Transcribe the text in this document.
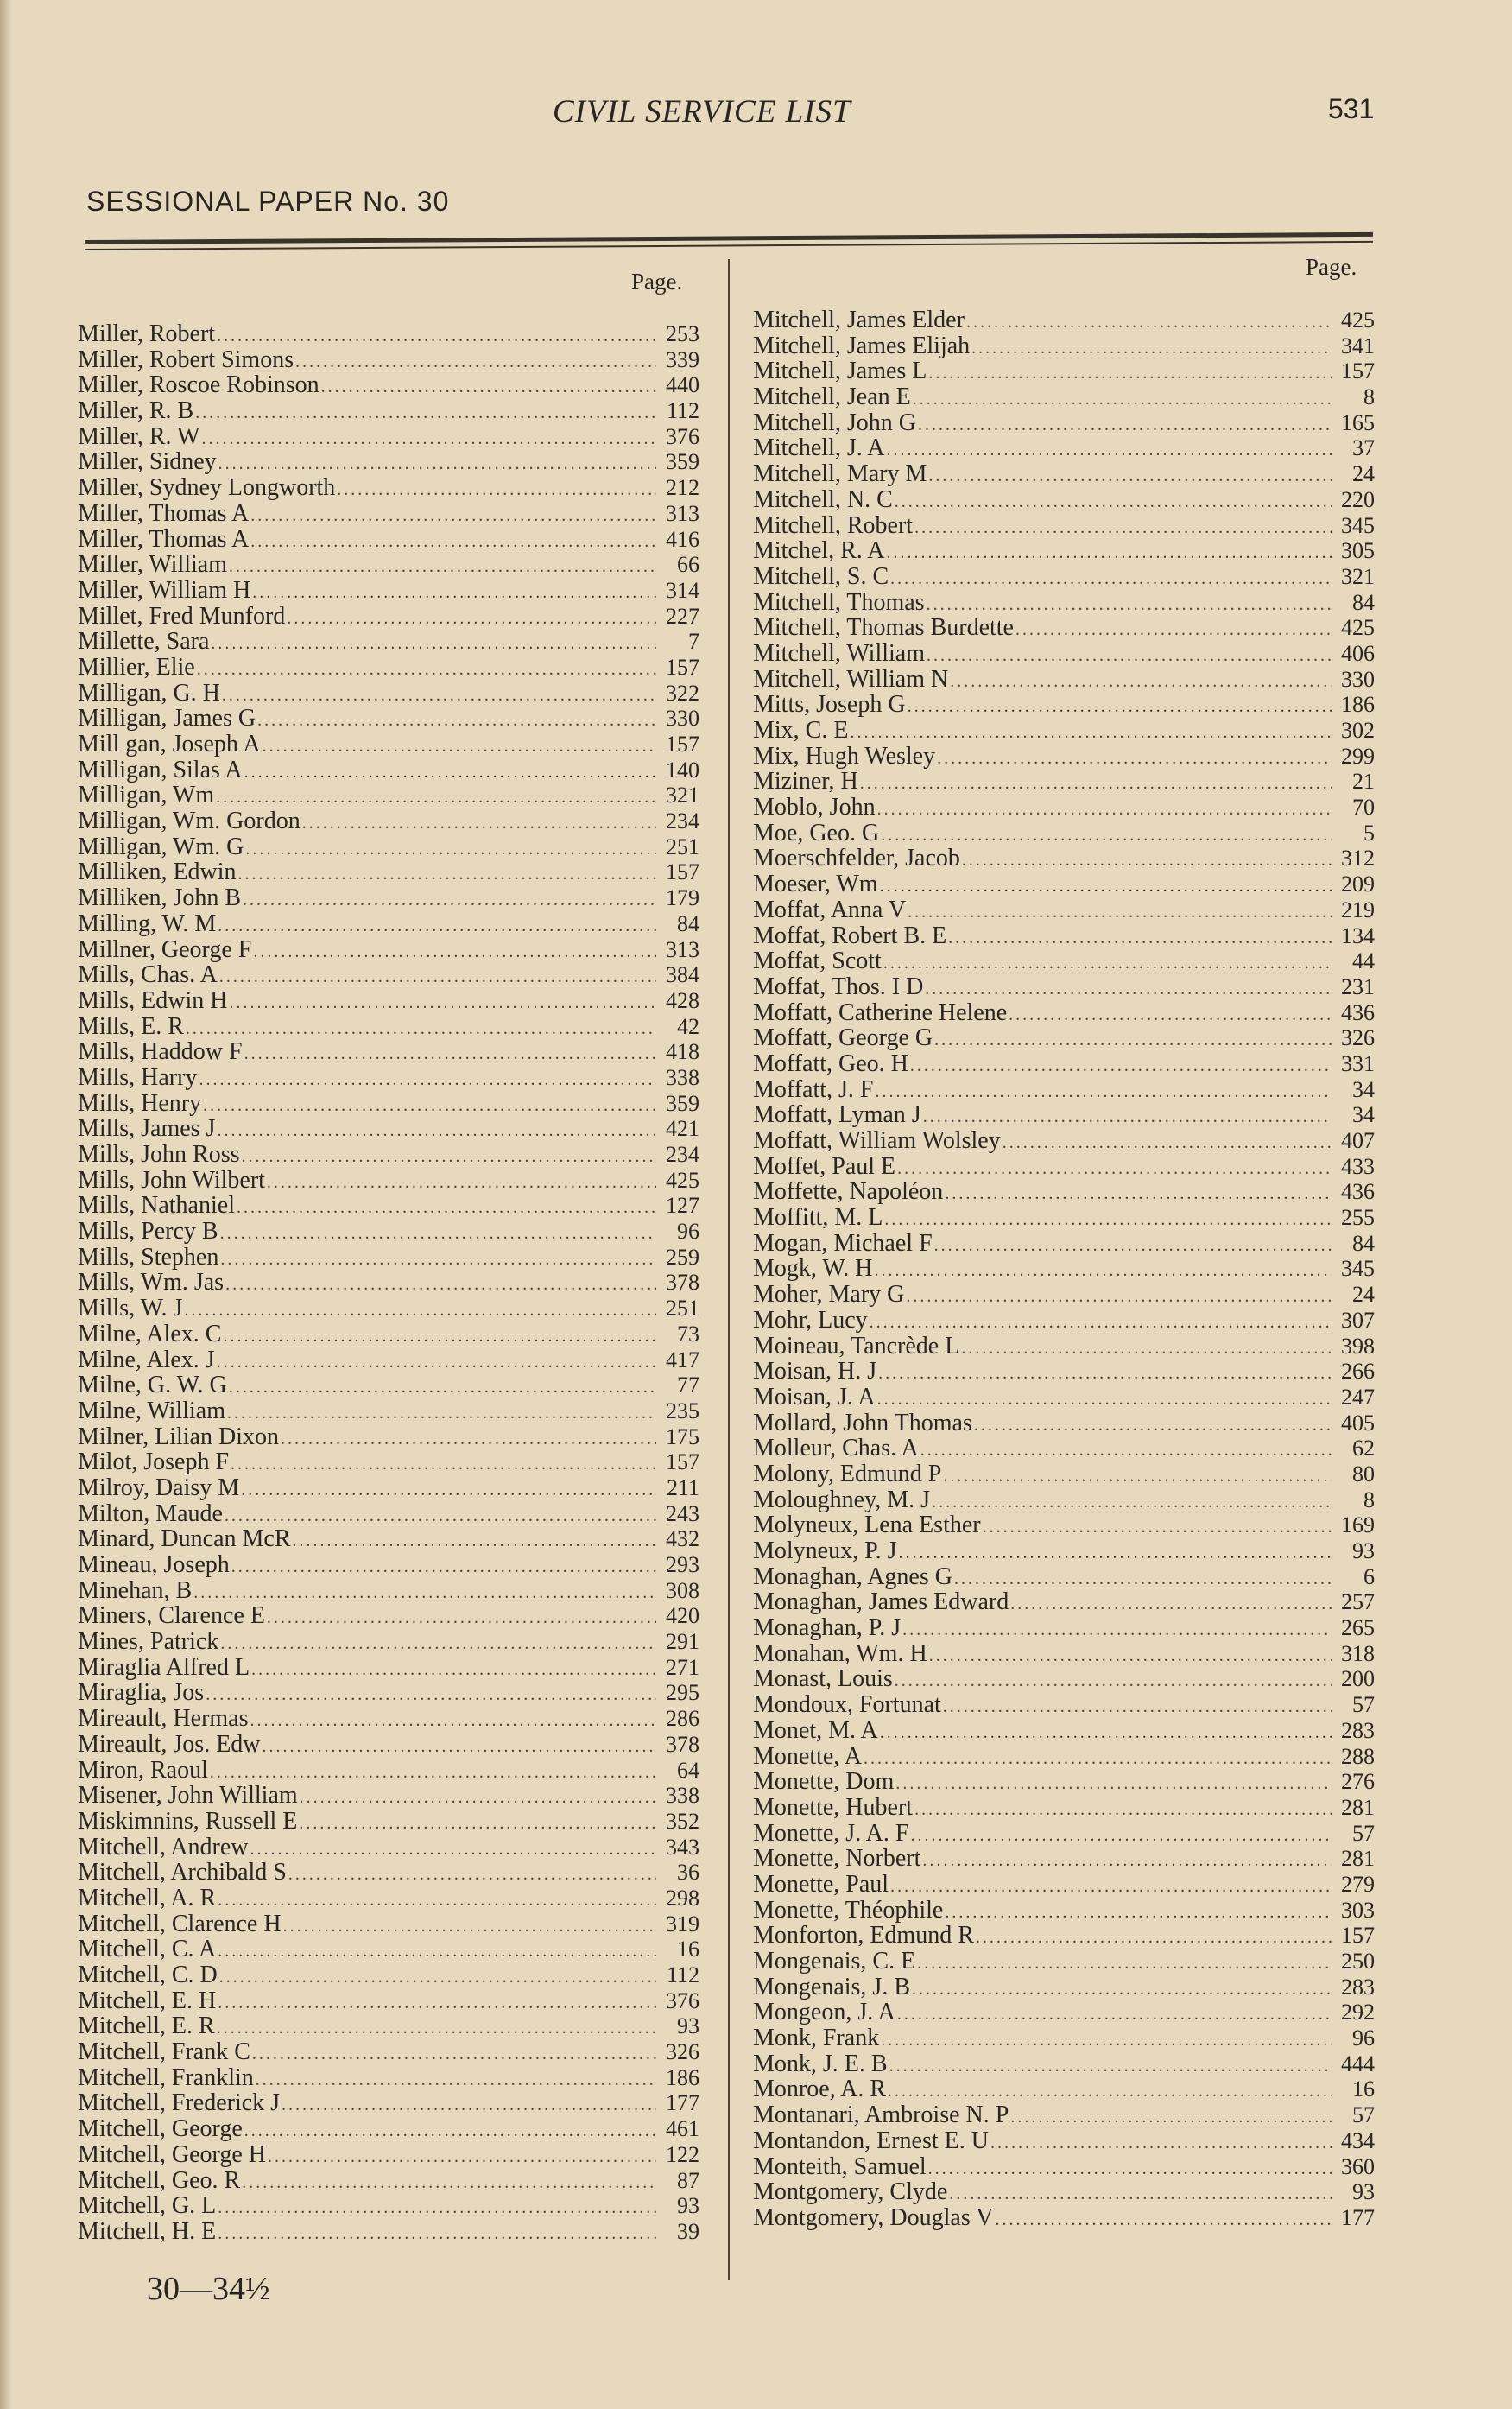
CIVIL SERVICE LIST	531
SESSIONAL PAPER No. 30
Page.
Page.
Miller, Robert .....	253
Miller, Robert Simons .....	339
Miller, Roscoe Robinson .....	440
Miller, R. B .....	112
Miller, R. W .....	376
Miller, Sidney .....	359
Miller, Sydney Longworth .....	212
Miller, Thomas A .....	313
Miller, Thomas A .....	416
Miller, William .....	66
Miller, William H .....	314
Millet, Fred Munford .....	227
Millette, Sara .....	7
Millier, Elie .....	157
Milligan, G. H .....	322
Milligan, James G .....	330
Mill gan, Joseph A .....	157
Milligan, Silas A .....	140
Milligan, Wm .....	321
Milligan, Wm. Gordon .....	234
Milligan, Wm. G .....	251
Milliken, Edwin .....	157
Milliken, John B .....	179
Milling, W. M .....	84
Millner, George F .....	313
Mills, Chas. A .....	384
Mills, Edwin H .....	428
Mills, E. R .....	42
Mills, Haddow F .....	418
Mills, Harry .....	338
Mills, Henry .....	359
Mills, James J .....	421
Mills, John Ross .....	234
Mills, John Wilbert .....	425
Mills, Nathaniel .....	127
Mills, Percy B .....	96
Mills, Stephen .....	259
Mills, Wm. Jas .....	378
Mills, W. J .....	251
Milne, Alex. C .....	73
Milne, Alex. J .....	417
Milne, G. W. G .....	77
Milne, William .....	235
Milner, Lilian Dixon .....	175
Milot, Joseph F .....	157
Milroy, Daisy M .....	211
Milton, Maude .....	243
Minard, Duncan McR .....	432
Mineau, Joseph .....	293
Minehan, B .....	308
Miners, Clarence E .....	420
Mines, Patrick .....	291
Miraglia Alfred L .....	271
Miraglia, Jos .....	295
Mireault, Hermas .....	286
Mireault, Jos. Edw .....	378
Miron, Raoul .....	64
Misener, John William .....	338
Miskimnins, Russell E .....	352
Mitchell, Andrew .....	343
Mitchell, Archibald S .....	36
Mitchell, A. R .....	298
Mitchell, Clarence H .....	319
Mitchell, C. A .....	16
Mitchell, C. D .....	112
Mitchell, E. H .....	376
Mitchell, E. R .....	93
Mitchell, Frank C .....	326
Mitchell, Franklin .....	186
Mitchell, Frederick J .....	177
Mitchell, George .....	461
Mitchell, George H .....	122
Mitchell, Geo. R .....	87
Mitchell, G. L .....	93
Mitchell, H. E .....	39
Mitchell, James Elder .....	425
Mitchell, James Elijah .....	341
Mitchell, James L .....	157
Mitchell, Jean E .....	8
Mitchell, John G .....	165
Mitchell, J. A .....	37
Mitchell, Mary M .....	24
Mitchell, N. C .....	220
Mitchell, Robert .....	345
Mitchel, R. A .....	305
Mitchell, S. C .....	321
Mitchell, Thomas .....	84
Mitchell, Thomas Burdette .....	425
Mitchell, William .....	406
Mitchell, William N .....	330
Mitts, Joseph G .....	186
Mix, C. E .....	302
Mix, Hugh Wesley .....	299
Miziner, H .....	21
Moblo, John .....	70
Moe, Geo. G .....	5
Moerschfelder, Jacob .....	312
Moeser, Wm .....	209
Moffat, Anna V .....	219
Moffat, Robert B. E .....	134
Moffat, Scott .....	44
Moffat, Thos. I D .....	231
Moffatt, Catherine Helene .....	436
Moffatt, George G .....	326
Moffatt, Geo. H .....	331
Moffatt, J. F .....	34
Moffatt, Lyman J .....	34
Moffatt, William Wolsley .....	407
Moffet, Paul E .....	433
Moffette, Napoléon .....	436
Moffitt, M. L .....	255
Mogan, Michael F .....	84
Mogk, W. H .....	345
Moher, Mary G .....	24
Mohr, Lucy .....	307
Moineau, Tancrède L .....	398
Moisan, H. J .....	266
Moisan, J. A .....	247
Mollard, John Thomas .....	405
Molleur, Chas. A .....	62
Molony, Edmund P .....	80
Moloughney, M. J .....	8
Molyneux, Lena Esther .....	169
Molyneux, P. J .....	93
Monaghan, Agnes G .....	6
Monaghan, James Edward .....	257
Monaghan, P. J .....	265
Monahan, Wm. H .....	318
Monast, Louis .....	200
Mondoux, Fortunat .....	57
Monet, M. A .....	283
Monette, A .....	288
Monette, Dom .....	276
Monette, Hubert .....	281
Monette, J. A. F .....	57
Monette, Norbert .....	281
Monette, Paul .....	279
Monette, Théophile .....	303
Monforton, Edmund R .....	157
Mongenais, C. E .....	250
Mongenais, J. B .....	283
Mongeon, J. A .....	292
Monk, Frank .....	96
Monk, J. E. B .....	444
Monroe, A. R .....	16
Montanari, Ambroise N. P .....	57
Montandon, Ernest E. U .....	434
Monteith, Samuel .....	360
Montgomery, Clyde .....	93
Montgomery, Douglas V .....	177
30—34½
